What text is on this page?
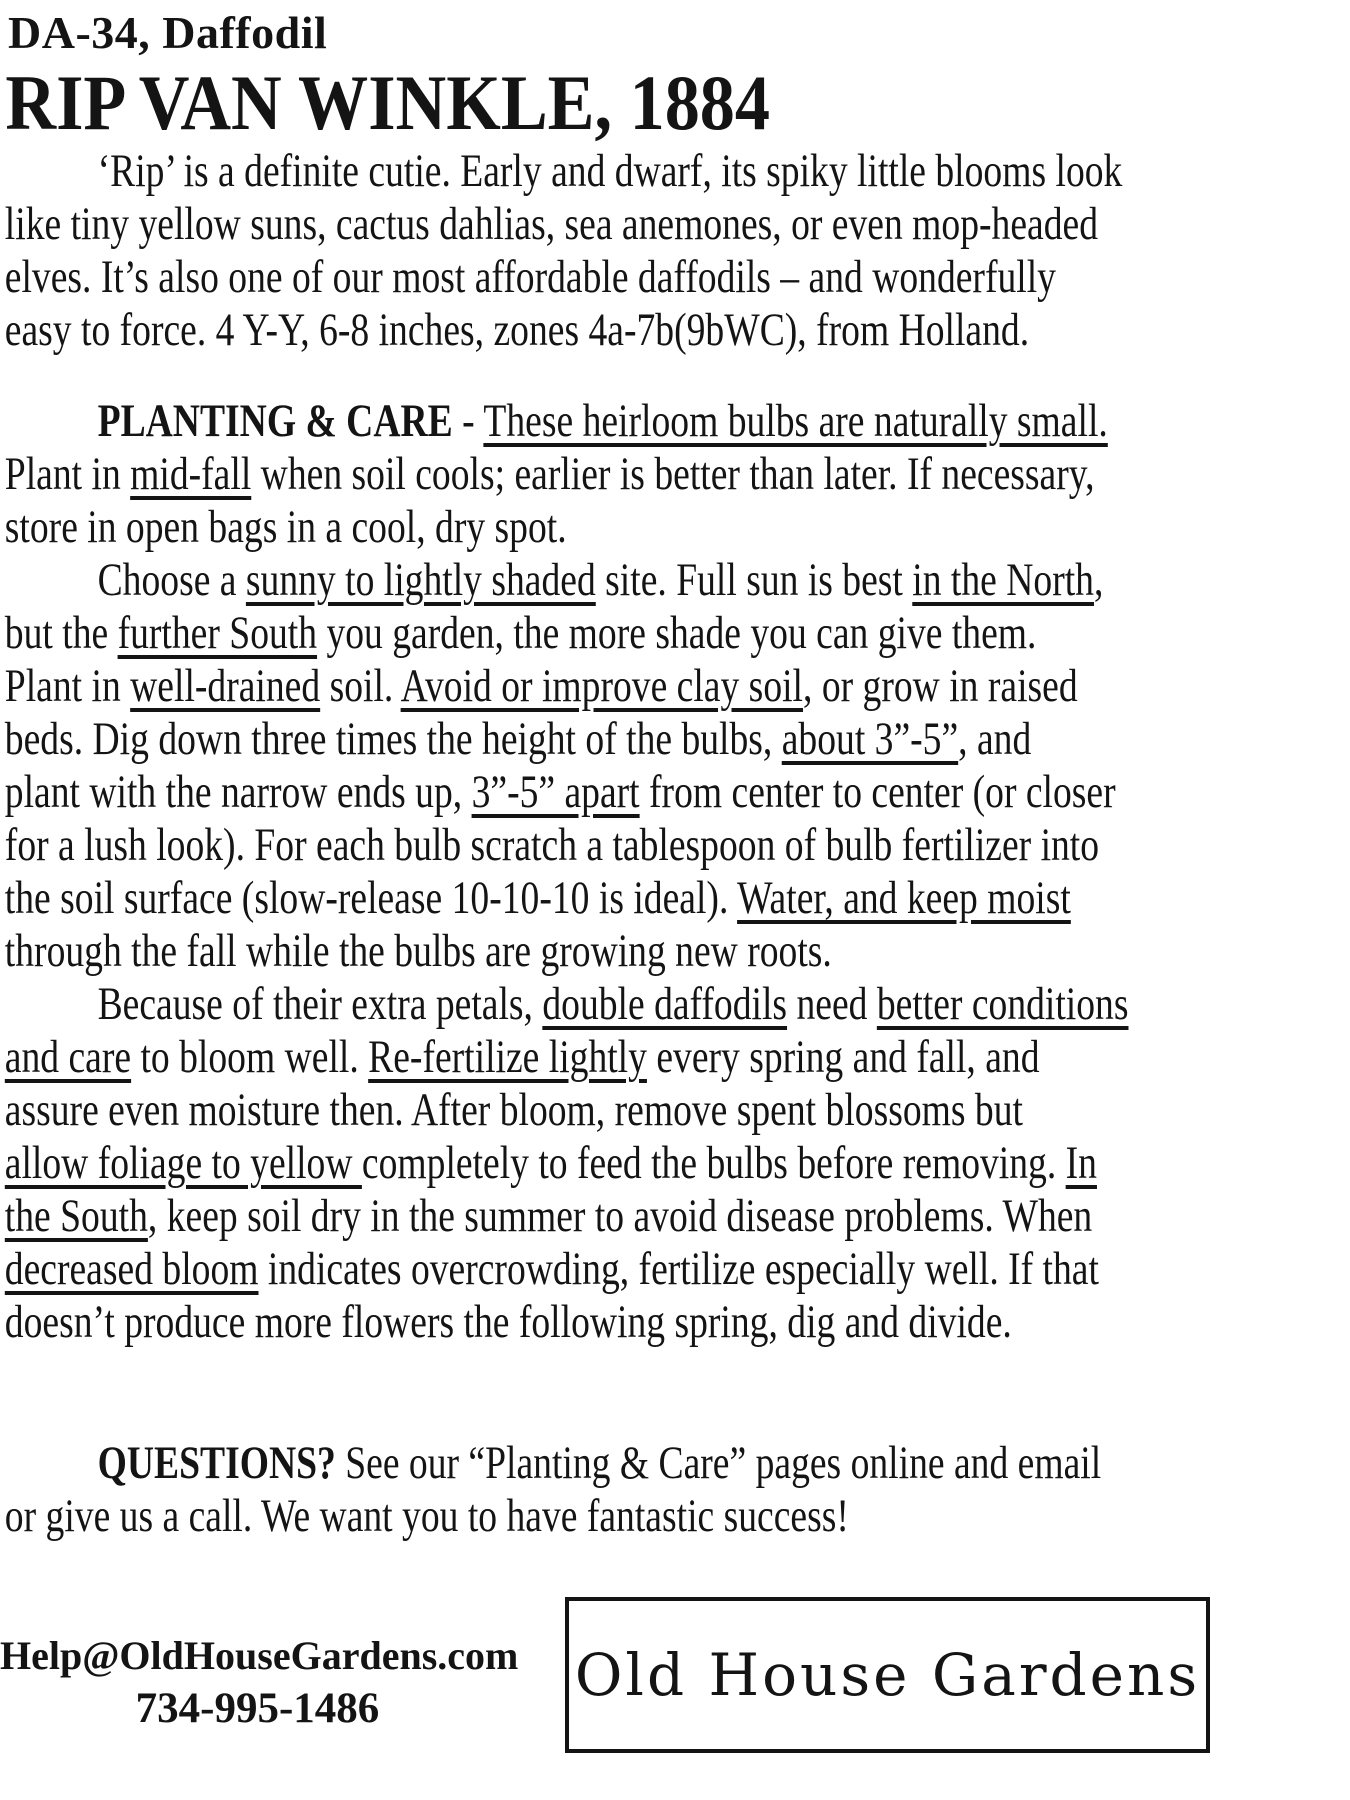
DA-34, Daffodil
RIP VAN WINKLE, 1884
‘Rip’ is a definite cutie. Early and dwarf, its spiky little blooms look
like tiny yellow suns, cactus dahlias, sea anemones, or even mop-headed
elves. It’s also one of our most affordable daffodils – and wonderfully
easy to force. 4 Y-Y, 6-8 inches, zones 4a-7b(9bWC), from Holland.
PLANTING & CARE - These heirloom bulbs are naturally small.
Plant in mid-fall when soil cools; earlier is better than later. If necessary,
store in open bags in a cool, dry spot.
Choose a sunny to lightly shaded site. Full sun is best in the North,
but the further South you garden, the more shade you can give them.
Plant in well-drained soil. Avoid or improve clay soil, or grow in raised
beds. Dig down three times the height of the bulbs, about 3”-5”, and
plant with the narrow ends up, 3”-5” apart from center to center (or closer
for a lush look). For each bulb scratch a tablespoon of bulb fertilizer into
the soil surface (slow-release 10-10-10 is ideal). Water, and keep moist
through the fall while the bulbs are growing new roots.
Because of their extra petals, double daffodils need better conditions
and care to bloom well. Re-fertilize lightly every spring and fall, and
assure even moisture then. After bloom, remove spent blossoms but
allow foliage to yellow completely to feed the bulbs before removing. In
the South, keep soil dry in the summer to avoid disease problems. When
decreased bloom indicates overcrowding, fertilize especially well. If that
doesn’t produce more flowers the following spring, dig and divide.
QUESTIONS? See our “Planting & Care” pages online and email
or give us a call. We want you to have fantastic success!
Help@OldHouseGardens.com
734-995-1486	Old House Gardens
